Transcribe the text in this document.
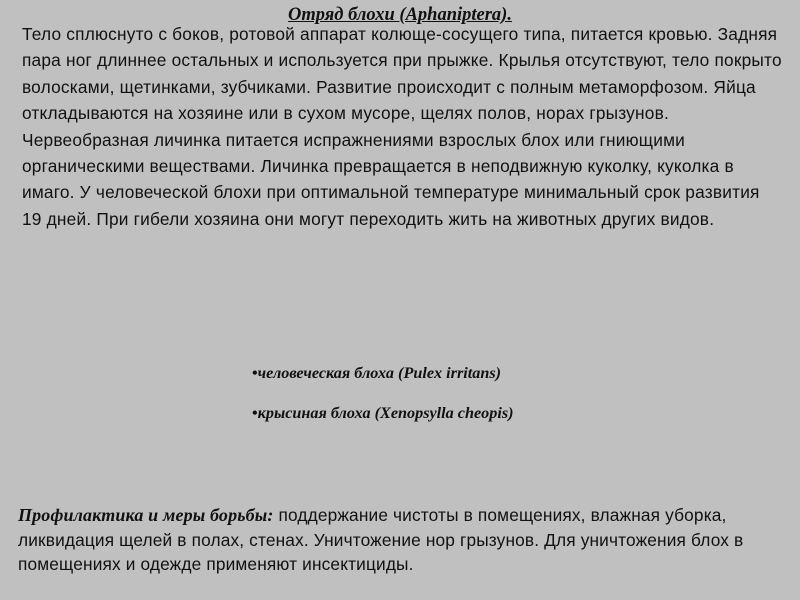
Отряд блохи (Aphaniptera).

Тело сплюснуто с боков, ротовой аппарат колюще-сосущего типа, питается кровью. Задняя пара ног длиннее остальных и используется при прыжке. Крылья отсутствуют, тело покрыто волосками, щетинками, зубчиками. Развитие происходит с полным метаморфозом. Яйца откладываются на хозяине или в сухом мусоре, щелях полов, норах грызунов. Червеобразная личинка питается испражнениями взрослых блох или гниющими органическими веществами. Личинка превращается в неподвижную куколку, куколка в имаго. У человеческой блохи при оптимальной температуре минимальный срок развития 19 дней. При гибели хозяина они могут переходить жить на животных других видов.

•человеческая блоха (Pulex irritans)
•крысиная блоха (Xenopsylla cheopis)

Профилактика и меры борьбы: поддержание чистоты в помещениях, влажная уборка, ликвидация щелей в полах, стенах. Уничтожение нор грызунов. Для уничтожения блох в помещениях и одежде применяют инсектициды.
